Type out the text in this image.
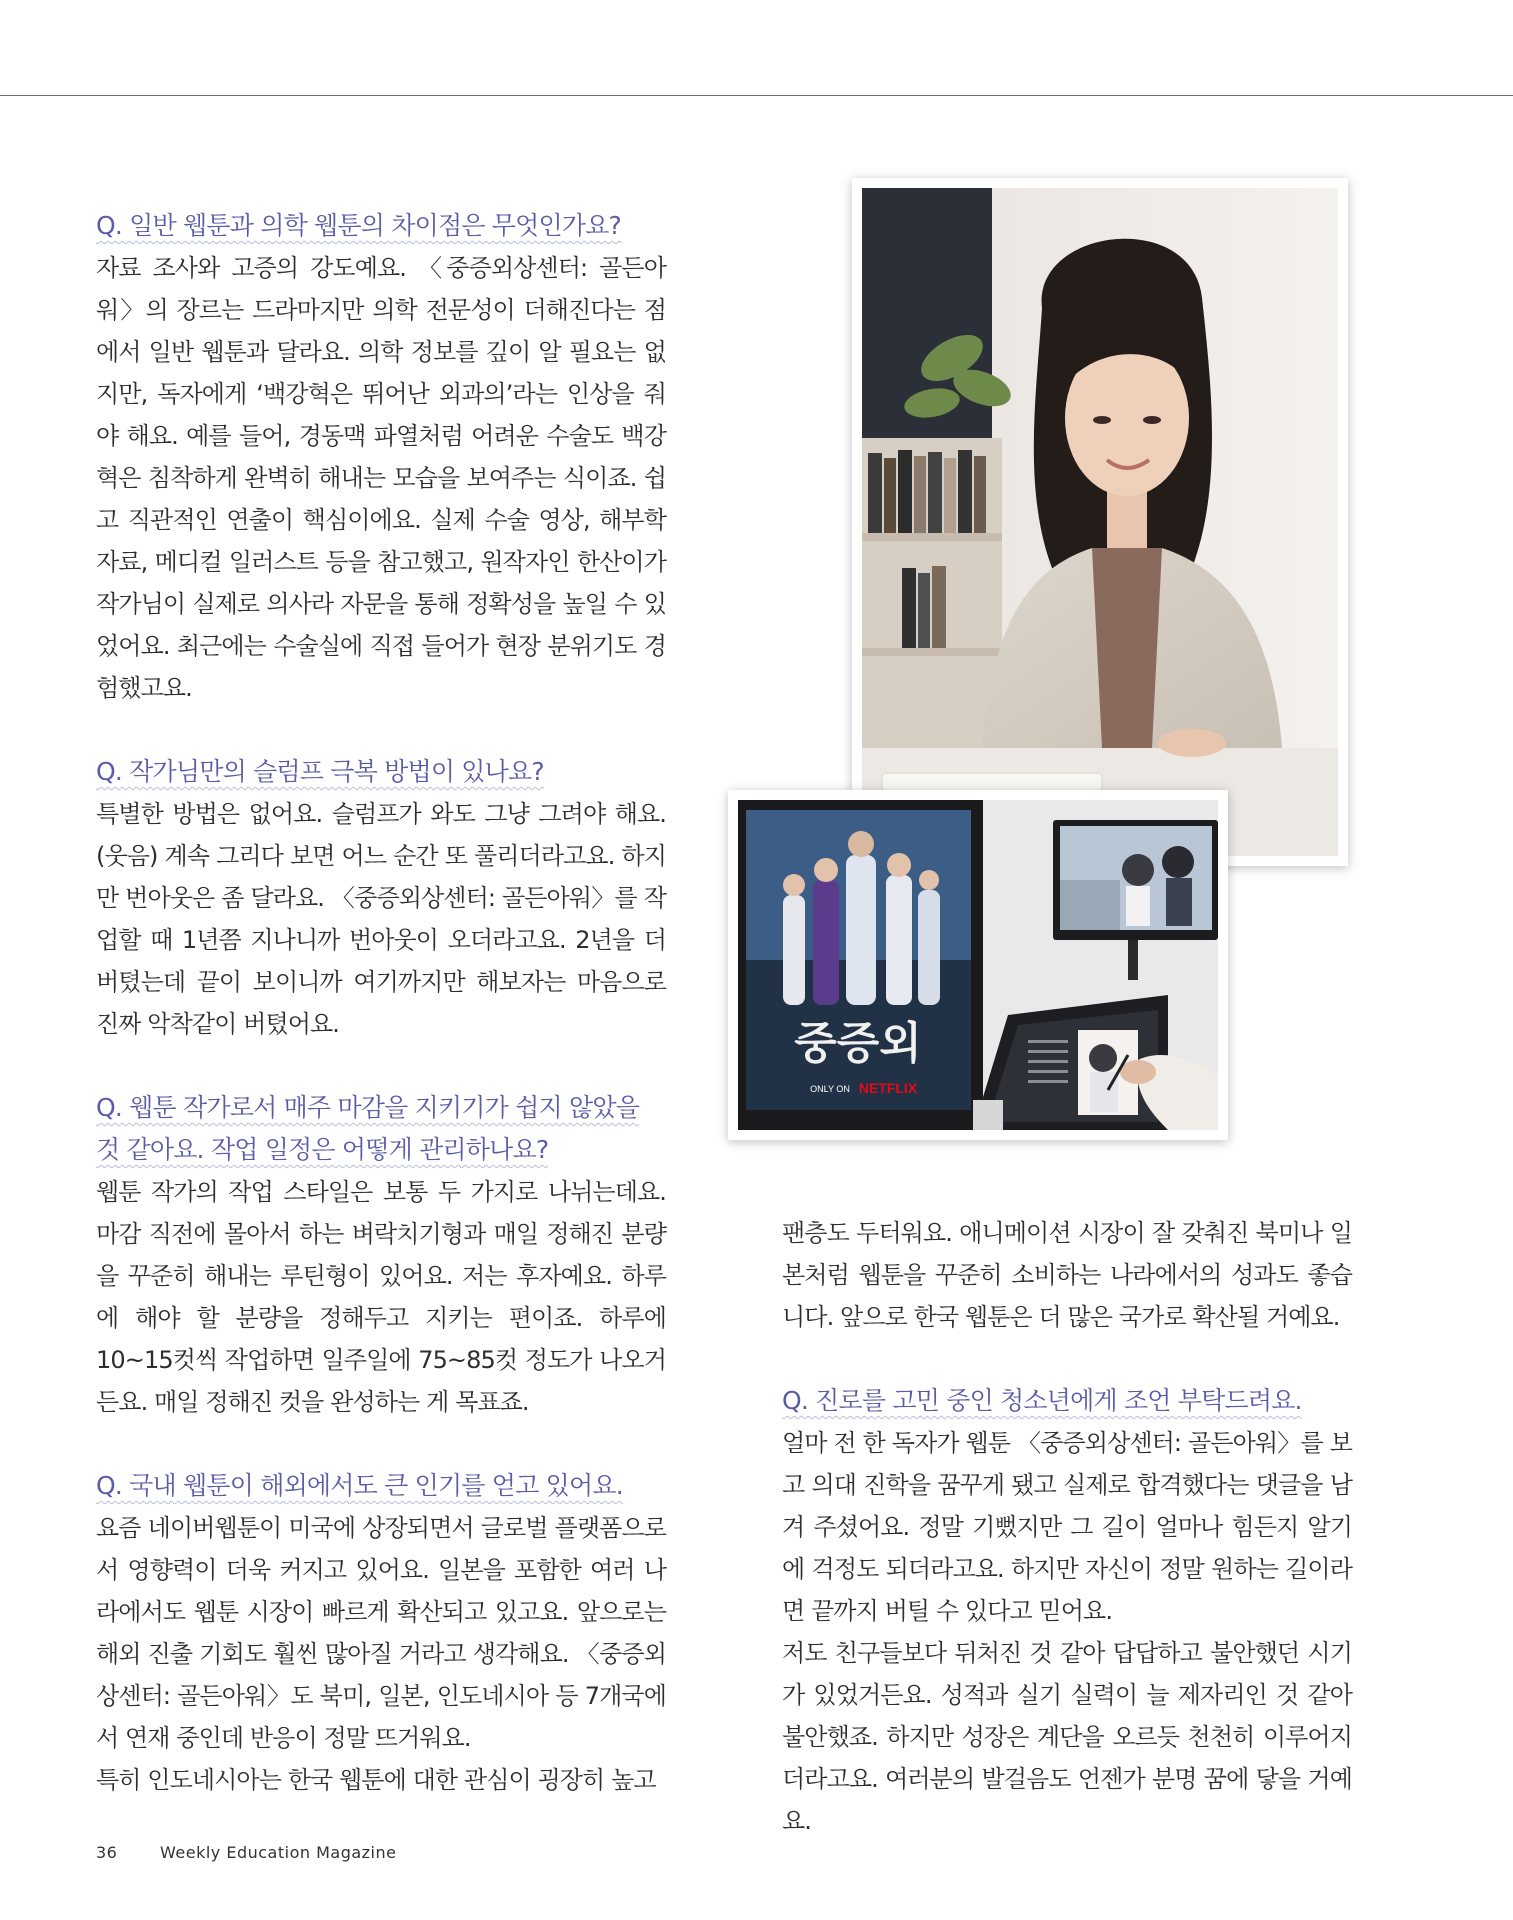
Q. 일반 웹툰과 의학 웹툰의 차이점은 무엇인가요?

자료 조사와 고증의 강도예요. 〈중증외상센터: 골든아워〉의 장르는 드라마지만 의학 전문성이 더해진다는 점에서 일반 웹툰과 달라요. 의학 정보를 깊이 알 필요는 없지만, 독자에게 ‘백강혁은 뛰어난 외과의’라는 인상을 줘야 해요. 예를 들어, 경동맥 파열처럼 어려운 수술도 백강혁은 침착하게 완벽히 해내는 모습을 보여주는 식이죠. 쉽고 직관적인 연출이 핵심이에요. 실제 수술 영상, 해부학 자료, 메디컬 일러스트 등을 참고했고, 원작자인 한산이가 작가님이 실제로 의사라 자문을 통해 정확성을 높일 수 있었어요. 최근에는 수술실에 직접 들어가 현장 분위기도 경험했고요.

Q. 작가님만의 슬럼프 극복 방법이 있나요?

특별한 방법은 없어요. 슬럼프가 와도 그냥 그려야 해요. (웃음) 계속 그리다 보면 어느 순간 또 풀리더라고요. 하지만 번아웃은 좀 달라요. 〈중증외상센터: 골든아워〉를 작업할 때 1년쯤 지나니까 번아웃이 오더라고요. 2년을 더 버텼는데 끝이 보이니까 여기까지만 해보자는 마음으로 진짜 악착같이 버텼어요.

Q. 웹툰 작가로서 매주 마감을 지키기가 쉽지 않았을 것 같아요. 작업 일정은 어떻게 관리하나요?

웹툰 작가의 작업 스타일은 보통 두 가지로 나뉘는데요. 마감 직전에 몰아서 하는 벼락치기형과 매일 정해진 분량을 꾸준히 해내는 루틴형이 있어요. 저는 후자예요. 하루에 해야 할 분량을 정해두고 지키는 편이죠. 하루에 10~15컷씩 작업하면 일주일에 75~85컷 정도가 나오거든요. 매일 정해진 컷을 완성하는 게 목표죠.

Q. 국내 웹툰이 해외에서도 큰 인기를 얻고 있어요.

요즘 네이버웹툰이 미국에 상장되면서 글로벌 플랫폼으로서 영향력이 더욱 커지고 있어요. 일본을 포함한 여러 나라에서도 웹툰 시장이 빠르게 확산되고 있고요. 앞으로는 해외 진출 기회도 훨씬 많아질 거라고 생각해요. 〈중증외상센터: 골든아워〉도 북미, 일본, 인도네시아 등 7개국에서 연재 중인데 반응이 정말 뜨거워요.

특히 인도네시아는 한국 웹툰에 대한 관심이 굉장히 높고

팬층도 두터워요. 애니메이션 시장이 잘 갖춰진 북미나 일본처럼 웹툰을 꾸준히 소비하는 나라에서의 성과도 좋습니다. 앞으로 한국 웹툰은 더 많은 국가로 확산될 거예요.

Q. 진로를 고민 중인 청소년에게 조언 부탁드려요.

얼마 전 한 독자가 웹툰 〈중증외상센터: 골든아워〉를 보고 의대 진학을 꿈꾸게 됐고 실제로 합격했다는 댓글을 남겨 주셨어요. 정말 기뻤지만 그 길이 얼마나 힘든지 알기에 걱정도 되더라고요. 하지만 자신이 정말 원하는 길이라면 끝까지 버틸 수 있다고 믿어요.

저도 친구들보다 뒤처진 것 같아 답답하고 불안했던 시기가 있었거든요. 성적과 실기 실력이 늘 제자리인 것 같아 불안했죠. 하지만 성장은 계단을 오르듯 천천히 이루어지더라고요. 여러분의 발걸음도 언젠가 분명 꿈에 닿을 거예요.

중증외
ONLY ON NETFLIX
36	Weekly Education Magazine
